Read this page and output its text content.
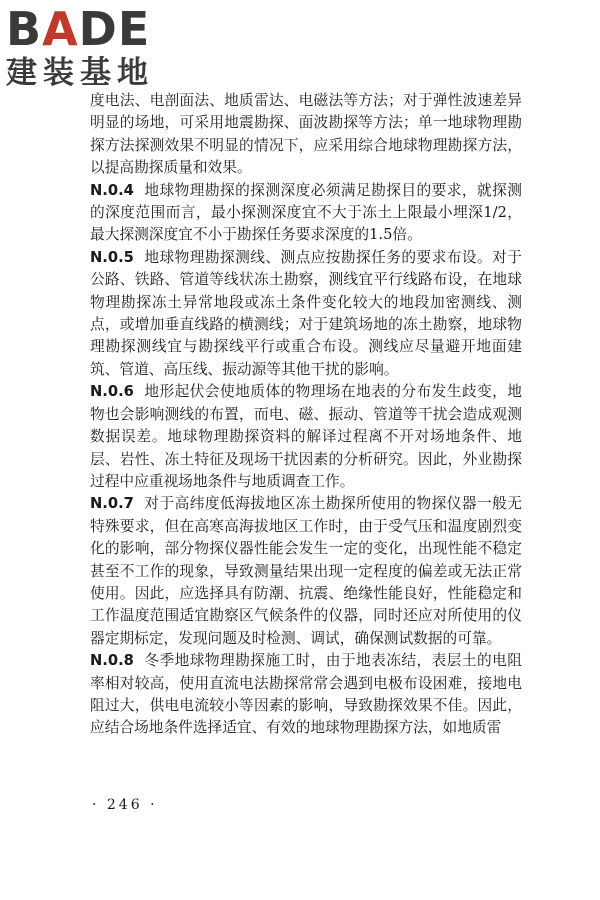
BADE
建装基地

度电法、电剖面法、地质雷达、电磁法等方法；对于弹性波速差异明显的场地，可采用地震勘探、面波勘探等方法；单一地球物理勘探方法探测效果不明显的情况下，应采用综合地球物理勘探方法，以提高勘探质量和效果。

N.0.4 地球物理勘探的探测深度必须满足勘探目的要求，就探测的深度范围而言，最小探测深度宜不大于冻土上限最小埋深1/2，最大探测深度宜不小于勘探任务要求深度的1.5倍。

N.0.5 地球物理勘探测线、测点应按勘探任务的要求布设。对于公路、铁路、管道等线状冻土勘察，测线宜平行线路布设，在地球物理勘探冻土异常地段或冻土条件变化较大的地段加密测线、测点，或增加垂直线路的横测线；对于建筑场地的冻土勘察，地球物理勘探测线宜与勘探线平行或重合布设。测线应尽量避开地面建筑、管道、高压线、振动源等其他干扰的影响。

N.0.6 地形起伏会使地质体的物理场在地表的分布发生歧变，地物也会影响测线的布置，而电、磁、振动、管道等干扰会造成观测数据误差。地球物理勘探资料的解译过程离不开对场地条件、地层、岩性、冻土特征及现场干扰因素的分析研究。因此，外业勘探过程中应重视场地条件与地质调查工作。

N.0.7 对于高纬度低海拔地区冻土勘探所使用的物探仪器一般无特殊要求，但在高寒高海拔地区工作时，由于受气压和温度剧烈变化的影响，部分物探仪器性能会发生一定的变化，出现性能不稳定甚至不工作的现象，导致测量结果出现一定程度的偏差或无法正常使用。因此，应选择具有防潮、抗震、绝缘性能良好，性能稳定和工作温度范围适宜勘察区气候条件的仪器，同时还应对所使用的仪器定期标定，发现问题及时检测、调试，确保测试数据的可靠。

N.0.8 冬季地球物理勘探施工时，由于地表冻结，表层土的电阻率相对较高，使用直流电法勘探常常会遇到电极布设困难，接地电阻过大，供电电流较小等因素的影响，导致勘探效果不佳。因此，应结合场地条件选择适宜、有效的地球物理勘探方法，如地质雷

· 246 ·
